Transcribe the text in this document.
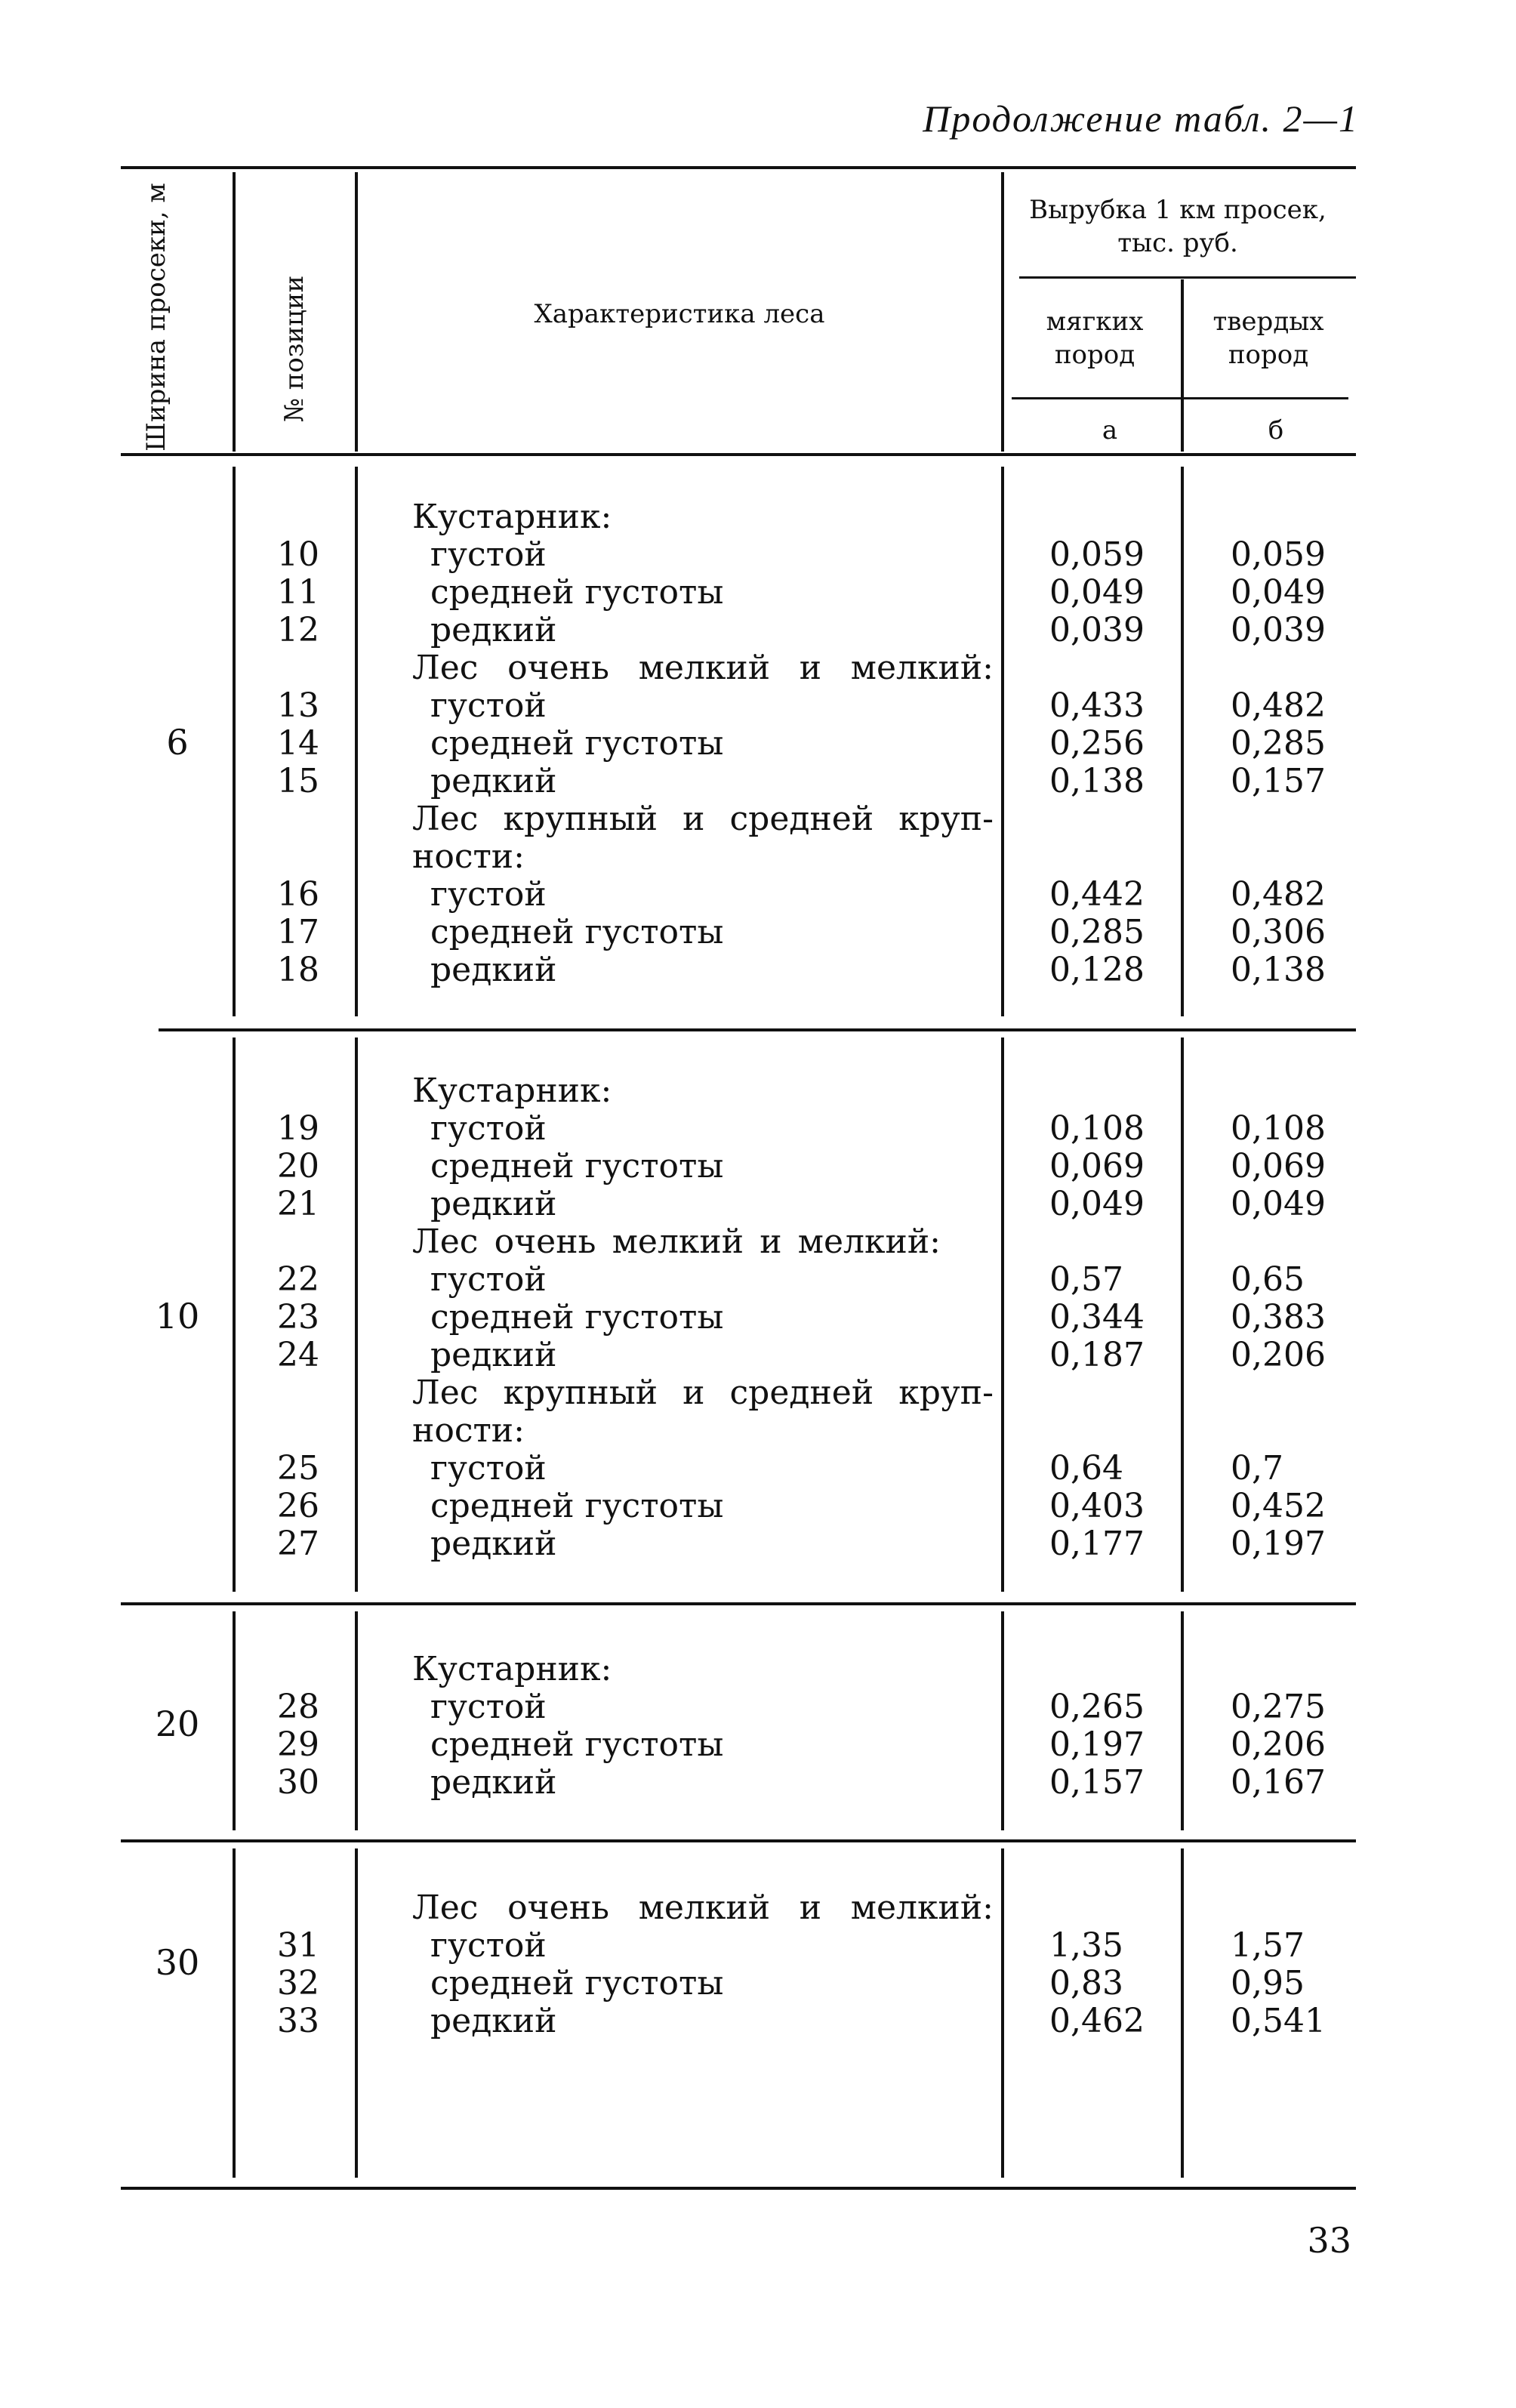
Продолжение табл. 2—1
Ширина просеки, м	№ позиции	Характеристика леса
Вырубка 1 км просек, тыс. руб.
мягких пород
твердых пород
а	б
6
Кустарник:
10	густой	0,059	0,059
11	средней густоты	0,049	0,049
12	редкий	0,039	0,039
Лес очень мелкий и мелкий:
13	густой	0,433	0,482
14	средней густоты	0,256	0,285
15	редкий	0,138	0,157
Лес крупный и средней круп-
ности:
16	густой	0,442	0,482
17	средней густоты	0,285	0,306
18	редкий	0,128	0,138
10
Кустарник:
19	густой	0,108	0,108
20	средней густоты	0,069	0,069
21	редкий	0,049	0,049
Лес очень мелкий и мелкий:
22	густой	0,57	0,65
23	средней густоты	0,344	0,383
24	редкий	0,187	0,206
Лес крупный и средней круп-
ности:
25	густой	0,64	0,7
26	средней густоты	0,403	0,452
27	редкий	0,177	0,197
20
Кустарник:
28	густой	0,265	0,275
29	средней густоты	0,197	0,206
30	редкий	0,157	0,167
30
Лес очень мелкий и мелкий:
31	густой	1,35	1,57
32	средней густоты	0,83	0,95
33	редкий	0,462	0,541
33
